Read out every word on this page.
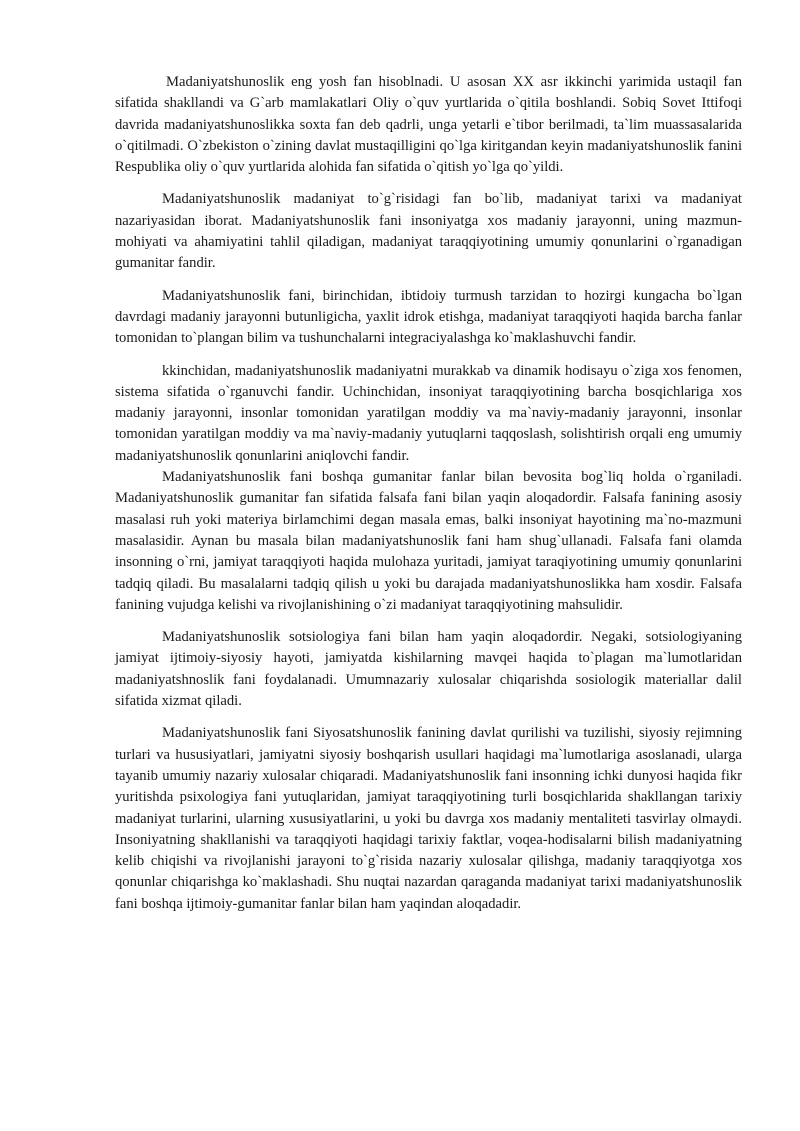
Madaniyatshunoslik eng yosh fan hisoblnadi. U asosan XX asr ikkinchi yarimida ustaqil fan sifatida shakllandi va G`arb mamlakatlari Oliy o`quv yurtlarida o`qitila boshlandi. Sobiq Sovet Ittifoqi davrida madaniyatshunoslikka soxta fan deb qadrli, unga yetarli e`tibor berilmadi, ta`lim muassasalarida o`qitilmadi. O`zbekiston o`zining davlat mustaqilligini qo`lga kiritgandan keyin madaniyatshunoslik fanini Respublika oliy o`quv yurtlarida alohida fan sifatida o`qitish yo`lga qo`yildi.

Madaniyatshunoslik madaniyat to`g`risidagi fan bo`lib, madaniyat tarixi va madaniyat nazariyasidan iborat. Madaniyatshunoslik fani insoniyatga xos madaniy jarayonni, uning mazmun-mohiyati va ahamiyatini tahlil qiladigan, madaniyat taraqqiyotining umumiy qonunlarini o`rganadigan gumanitar fandir.

Madaniyatshunoslik fani, birinchidan, ibtidoiy turmush tarzidan to hozirgi kungacha bo`lgan davrdagi madaniy jarayonni butunligicha, yaxlit idrok etishga, madaniyat taraqqiyoti haqida barcha fanlar tomonidan to`plangan bilim va tushunchalarni integraciyalashga ko`maklashuvchi fandir.

kkinchidan, madaniyatshunoslik madaniyatni murakkab va dinamik hodisayu o`ziga xos fenomen, sistema sifatida o`rganuvchi fandir. Uchinchidan, insoniyat taraqqiyotining barcha bosqichlariga xos madaniy jarayonni, insonlar tomonidan yaratilgan moddiy va ma`naviy-madaniy jarayonni, insonlar tomonidan yaratilgan moddiy va ma`naviy-madaniy yutuqlarni taqqoslash, solishtirish orqali eng umumiy madaniyatshunoslik qonunlarini aniqlovchi fandir.

Madaniyatshunoslik fani boshqa gumanitar fanlar bilan bevosita bog`liq holda o`rganiladi. Madaniyatshunoslik gumanitar fan sifatida falsafa fani bilan yaqin aloqadordir. Falsafa fanining asosiy masalasi ruh yoki materiya birlamchimi degan masala emas, balki insoniyat hayotining ma`no-mazmuni masalasidir. Aynan bu masala bilan madaniyatshunoslik fani ham shug`ullanadi. Falsafa fani olamda insonning o`rni, jamiyat taraqqiyoti haqida mulohaza yuritadi, jamiyat taraqiyotining umumiy qonunlarini tadqiq qiladi. Bu masalalarni tadqiq qilish u yoki bu darajada madaniyatshunoslikka ham xosdir. Falsafa fanining vujudga kelishi va rivojlanishining o`zi madaniyat taraqqiyotining mahsulidir.

Madaniyatshunoslik sotsiologiya fani bilan ham yaqin aloqadordir. Negaki, sotsiologiyaning jamiyat ijtimoiy-siyosiy hayoti, jamiyatda kishilarning mavqei haqida to`plagan ma`lumotlaridan madaniyatshnoslik fani foydalanadi. Umumnazariy xulosalar chiqarishda sosiologik materiallar dalil sifatida xizmat qiladi.

Madaniyatshunoslik fani Siyosatshunoslik fanining davlat qurilishi va tuzilishi, siyosiy rejimning turlari va hususiyatlari, jamiyatni siyosiy boshqarish usullari haqidagi ma`lumotlariga asoslanadi, ularga tayanib umumiy nazariy xulosalar chiqaradi. Madaniyatshunoslik fani insonning ichki dunyosi haqida fikr yuritishda psixologiya fani yutuqlaridan, jamiyat taraqqiyotining turli bosqichlarida shakllangan tarixiy madaniyat turlarini, ularning xususiyatlarini, u yoki bu davrga xos madaniy mentaliteti tasvirlay olmaydi. Insoniyatning shakllanishi va taraqqiyoti haqidagi tarixiy faktlar, voqea-hodisalarni bilish madaniyatning kelib chiqishi va rivojlanishi jarayoni to`g`risida nazariy xulosalar qilishga, madaniy taraqqiyotga xos qonunlar chiqarishga ko`maklashadi. Shu nuqtai nazardan qaraganda madaniyat tarixi madaniyatshunoslik fani boshqa ijtimoiy-gumanitar fanlar bilan ham yaqindan aloqadadir.
